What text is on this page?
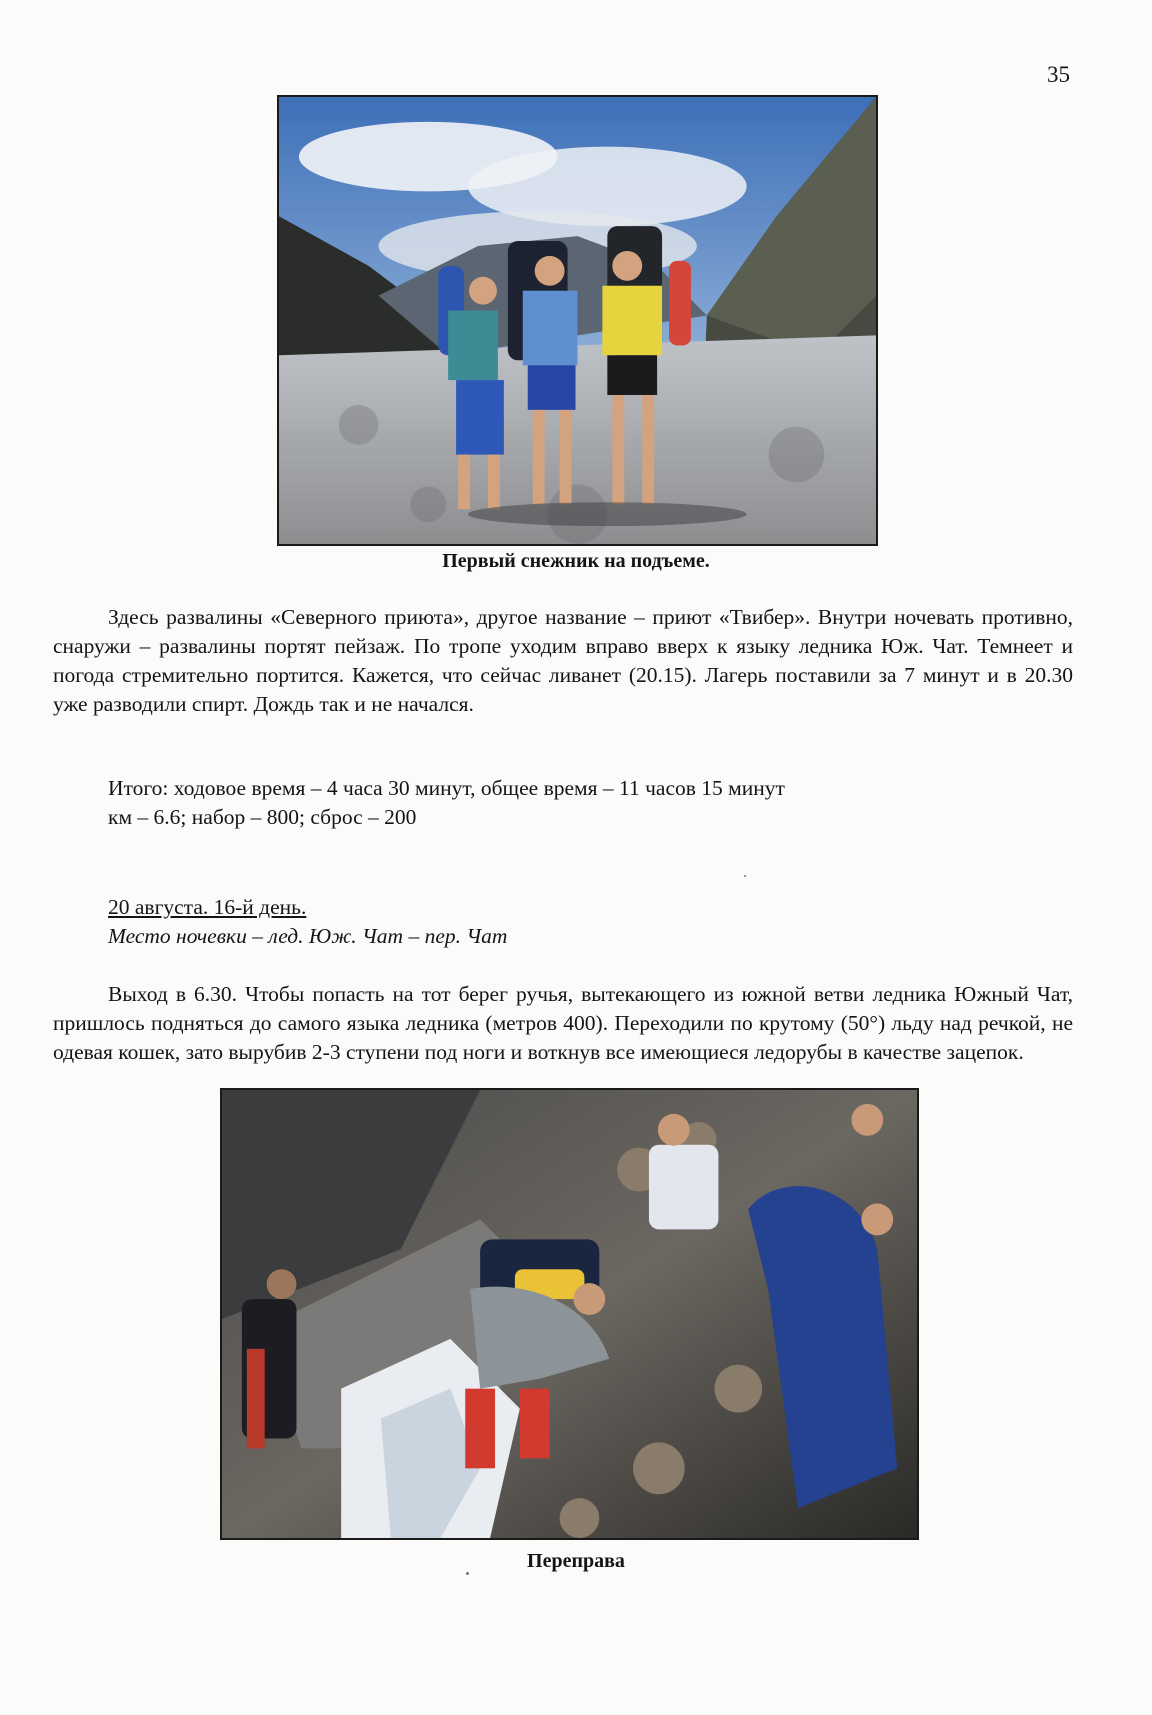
35
Первый снежник на подъеме.

Здесь развалины «Северного приюта», другое название – приют «Твибер». Внутри ночевать противно, снаружи – развалины портят пейзаж. По тропе уходим вправо вверх к языку ледника Юж. Чат. Темнеет и погода стремительно портится. Кажется, что сейчас ливанет (20.15). Лагерь поставили за 7 минут и в 20.30 уже разводили спирт. Дождь так и не начался.

Итого: ходовое время – 4 часа 30 минут, общее время – 11 часов 15 минут

км – 6.6; набор – 800; сброс – 200

20 августа. 16-й день.

Место ночевки – лед. Юж. Чат – пер. Чат

Выход в 6.30. Чтобы попасть на тот берег ручья, вытекающего из южной ветви ледника Южный Чат, пришлось подняться до самого языка ледника (метров 400). Переходили по крутому (50°) льду над речкой, не одевая кошек, зато вырубив 2-3 ступени под ноги и воткнув все имеющиеся ледорубы в качестве зацепок.

Переправа
